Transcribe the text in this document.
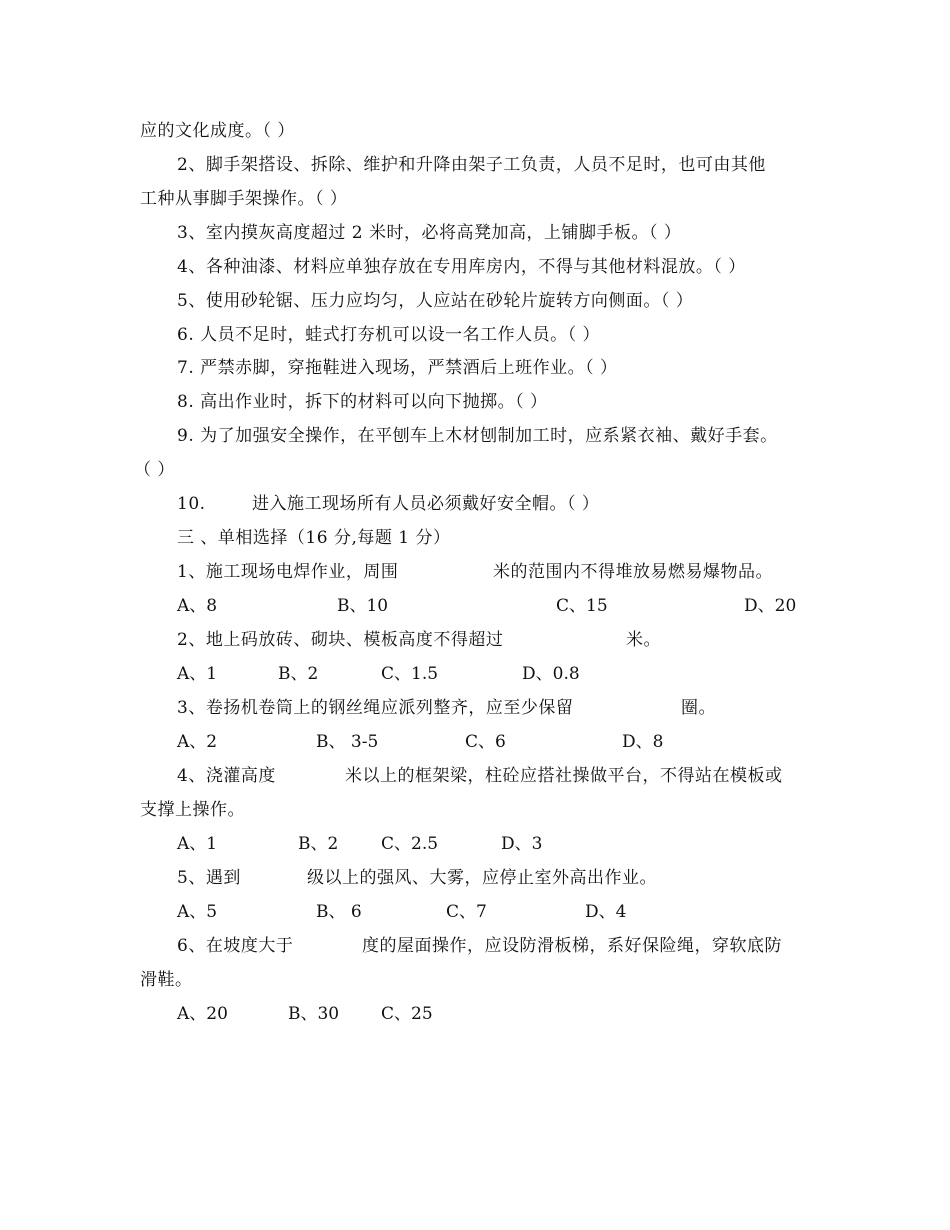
应的文化成度。（ ）
2、脚手架搭设、拆除、维护和升降由架子工负责，人员不足时，也可由其他
工种从事脚手架操作。（ ）
3、室内摸灰高度超过 2 米时，必将高凳加高，上铺脚手板。（ ）
4、各种油漆、材料应单独存放在专用库房内，不得与其他材料混放。（ ）
5、使用砂轮锯、压力应均匀，人应站在砂轮片旋转方向侧面。（ ）
6. 人员不足时，蛙式打夯机可以设一名工作人员。（ ）
7. 严禁赤脚，穿拖鞋进入现场，严禁酒后上班作业。（ ）
8. 高出作业时，拆下的材料可以向下抛掷。（ ）
9. 为了加强安全操作，在平刨车上木材刨制加工时，应系紧衣袖、戴好手套。
（ ）
10.	进入施工现场所有人员必须戴好安全帽。（ ）
三 、单相选择（16 分,每题 1 分）
1、施工现场电焊作业，周围	米的范围内不得堆放易燃易爆物品。
A、8	B、10	C、15	D、20
2、地上码放砖、砌块、模板高度不得超过	米。
A、1	B、2	C、1.5	D、0.8
3、卷扬机卷筒上的钢丝绳应派列整齐，应至少保留	圈。
A、2	B、 3-5	C、6	D、8
4、浇灌高度	米以上的框架梁，柱砼应搭社操做平台，不得站在模板或
支撑上操作。
A、1	B、2	C、2.5	D、3
5、遇到	级以上的强风、大雾，应停止室外高出作业。
A、5	B、 6	C、7	D、4
6、在坡度大于	度的屋面操作，应设防滑板梯，系好保险绳，穿软底防
滑鞋。
A、20	B、30 C、25
